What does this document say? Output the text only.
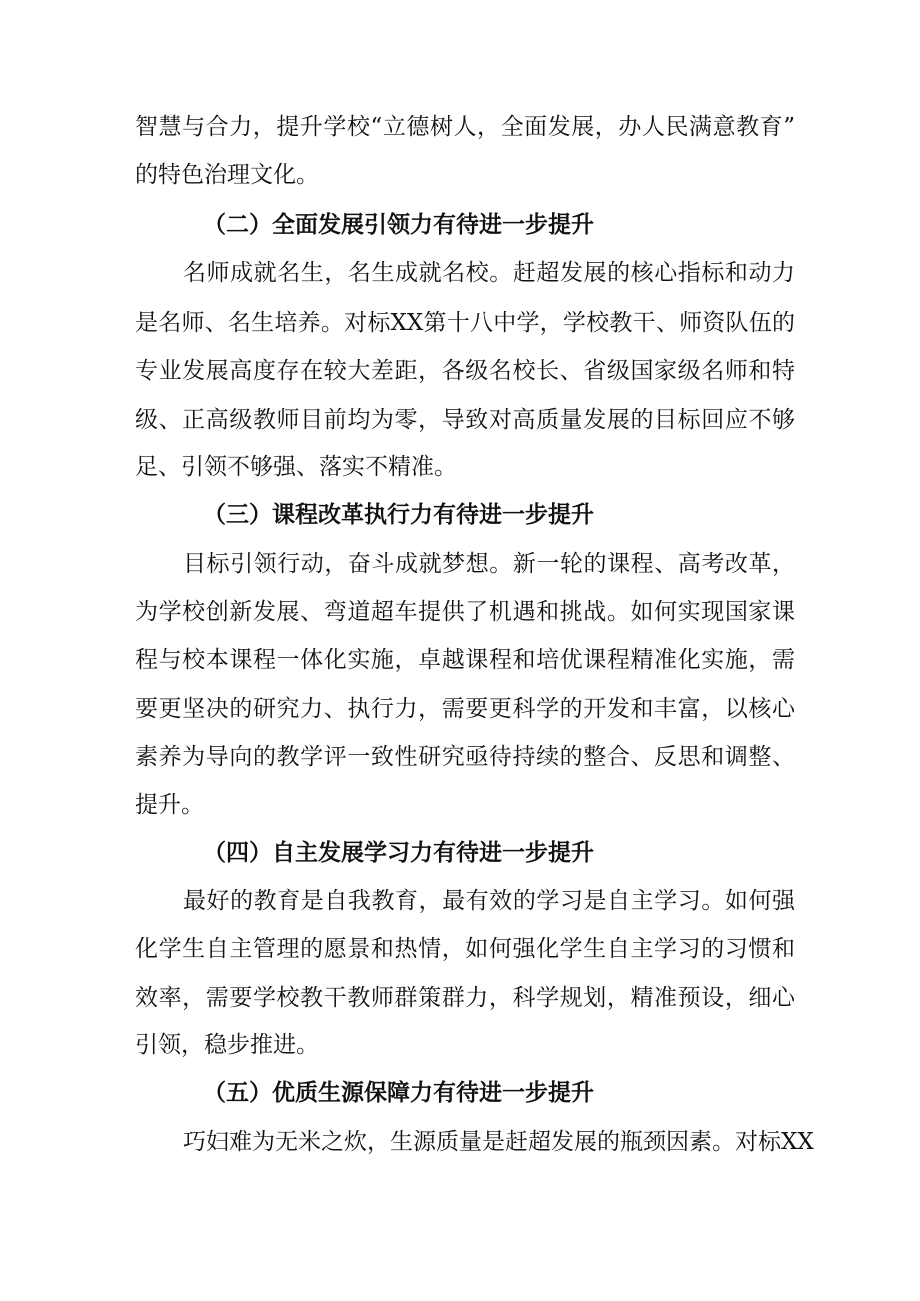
智慧与合力，提升学校“立德树人，全面发展，办人民满意教育”
的特色治理文化。
（二）全面发展引领力有待进一步提升
名师成就名生，名生成就名校。赶超发展的核心指标和动力
是名师、名生培养。对标XX第十八中学，学校教干、师资队伍的
专业发展高度存在较大差距，各级名校长、省级国家级名师和特
级、正高级教师目前均为零，导致对高质量发展的目标回应不够
足、引领不够强、落实不精准。
（三）课程改革执行力有待进一步提升
目标引领行动，奋斗成就梦想。新一轮的课程、高考改革，
为学校创新发展、弯道超车提供了机遇和挑战。如何实现国家课
程与校本课程一体化实施，卓越课程和培优课程精准化实施，需
要更坚决的研究力、执行力，需要更科学的开发和丰富，以核心
素养为导向的教学评一致性研究亟待持续的整合、反思和调整、
提升。
（四）自主发展学习力有待进一步提升
最好的教育是自我教育，最有效的学习是自主学习。如何强
化学生自主管理的愿景和热情，如何强化学生自主学习的习惯和
效率，需要学校教干教师群策群力，科学规划，精准预设，细心
引领，稳步推进。
（五）优质生源保障力有待进一步提升
巧妇难为无米之炊，生源质量是赶超发展的瓶颈因素。对标XX
